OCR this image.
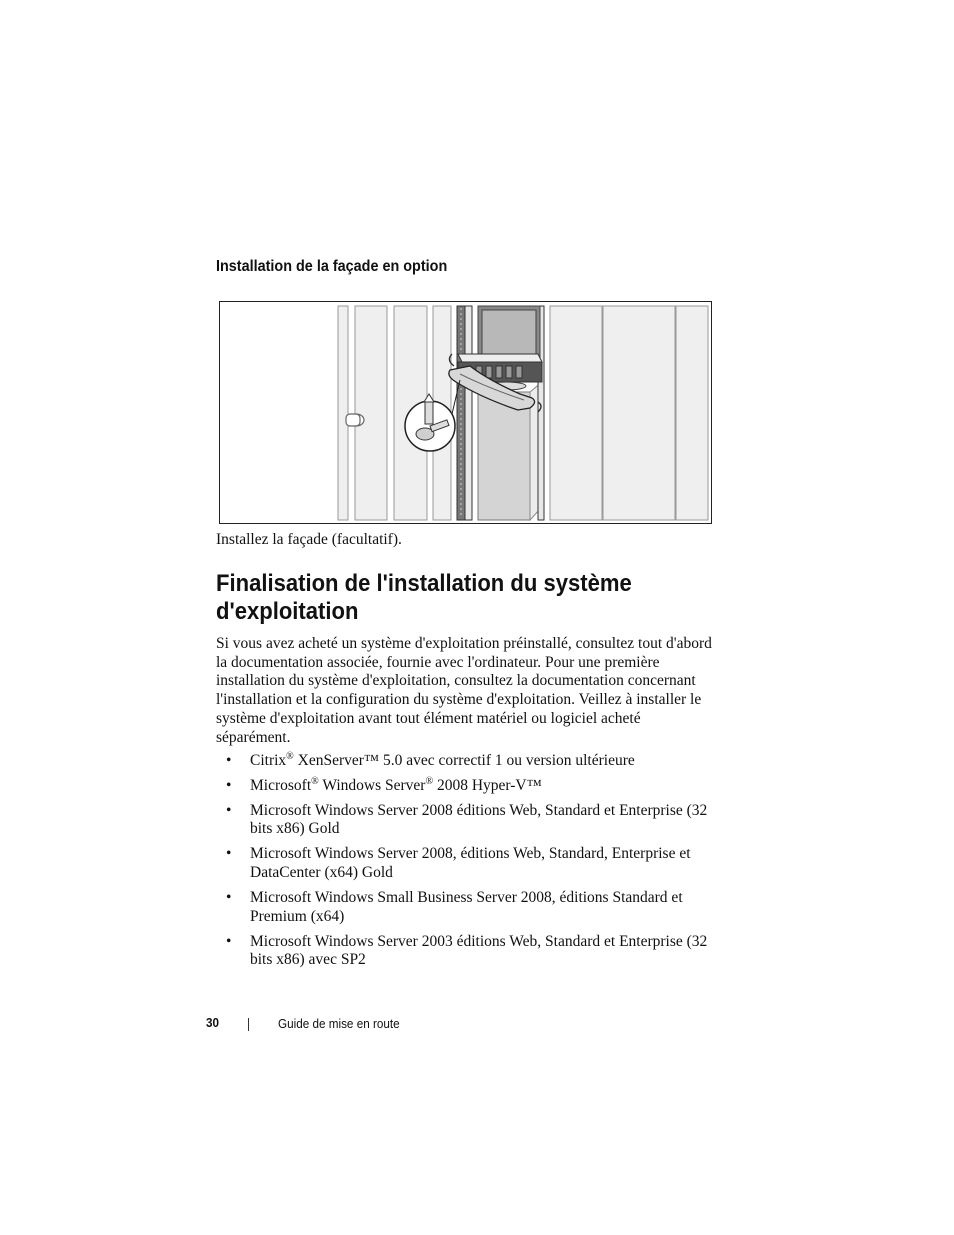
Installation de la façade en option
Installez la façade (facultatif).
Finalisation de l'installation du système d'exploitation

Si vous avez acheté un système d'exploitation préinstallé, consultez tout d'abord la documentation associée, fournie avec l'ordinateur. Pour une première installation du système d'exploitation, consultez la documentation concernant l'installation et la configuration du système d'exploitation. Veillez à installer le système d'exploitation avant tout élément matériel ou logiciel acheté séparément.

• Citrix® XenServer™ 5.0 avec correctif 1 ou version ultérieure
• Microsoft® Windows Server® 2008 Hyper-V™
• Microsoft Windows Server 2008 éditions Web, Standard et Enterprise (32 bits x86) Gold
• Microsoft Windows Server 2008, éditions Web, Standard, Enterprise et DataCenter (x64) Gold
• Microsoft Windows Small Business Server 2008, éditions Standard et Premium (x64)
• Microsoft Windows Server 2003 éditions Web, Standard et Enterprise (32 bits x86) avec SP2
30	Guide de mise en route
